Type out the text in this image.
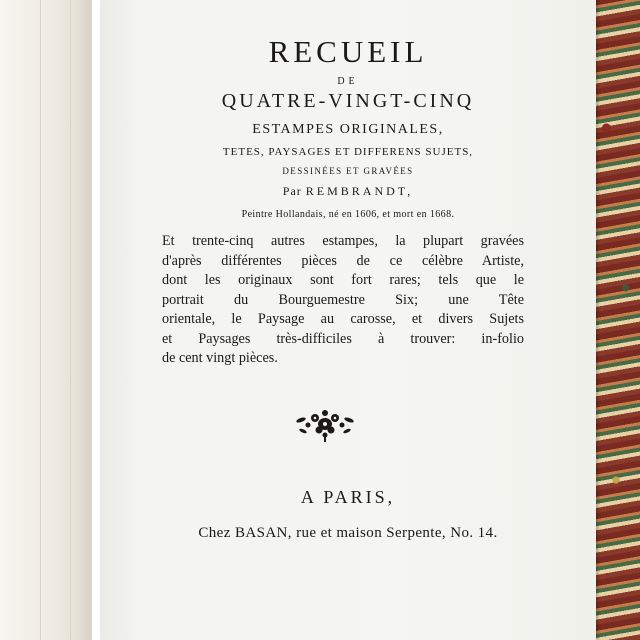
RECUEIL
DE
QUATRE-VINGT-CINQ
ESTAMPES ORIGINALES,
TETES, PAYSAGES ET DIFFERENS SUJETS,
DESSINÉES ET GRAVÉES
Par REMBRANDT,
Peintre Hollandais, né en 1606, et mort en 1668.
Et trente-cinq autres estampes, la plupart gravées
d'après différentes pièces de ce célèbre Artiste,
dont les originaux sont fort rares; tels que le
portrait du Bourguemestre Six; une Tête
orientale, le Paysage au carosse, et divers Sujets
et Paysages très-difficiles à trouver: in-folio
de cent vingt pièces.
A PARIS,
Chez BASAN, rue et maison Serpente, No. 14.
